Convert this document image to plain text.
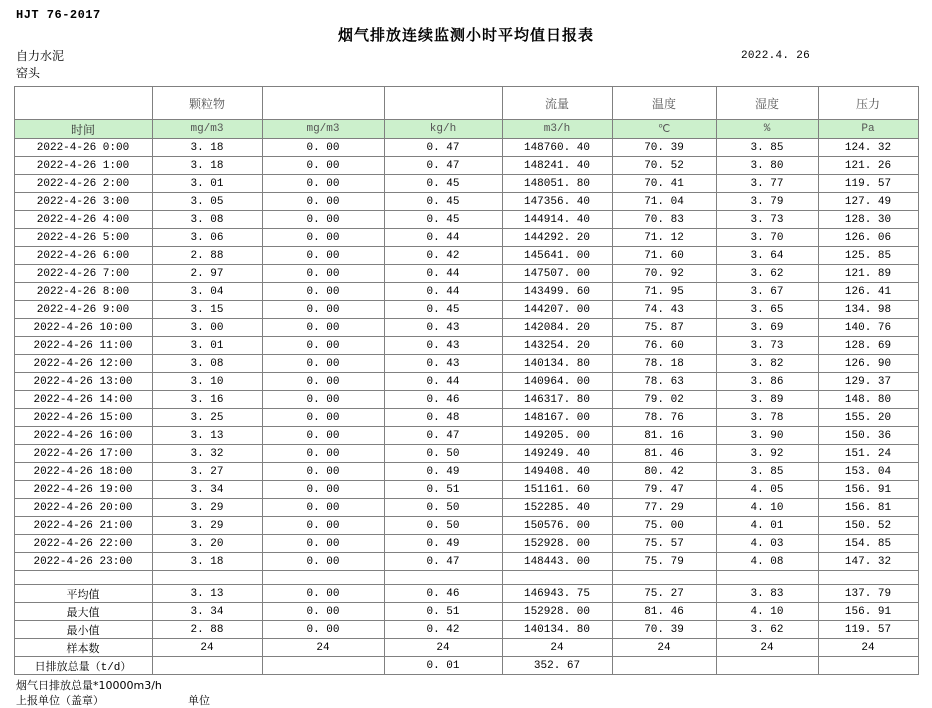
HJT 76-2017
烟气排放连续监测小时平均值日报表
自力水泥
窑头
2022.4. 26
	颗粒物			流量	温度	湿度	压力
时间	mg/m3	mg/m3	kg/h	m3/h	℃	%	Pa
2022-4-26 0:00	3. 18	0. 00	0. 47	148760. 40	70. 39	3. 85	124. 32
2022-4-26 1:00	3. 18	0. 00	0. 47	148241. 40	70. 52	3. 80	121. 26
2022-4-26 2:00	3. 01	0. 00	0. 45	148051. 80	70. 41	3. 77	119. 57
2022-4-26 3:00	3. 05	0. 00	0. 45	147356. 40	71. 04	3. 79	127. 49
2022-4-26 4:00	3. 08	0. 00	0. 45	144914. 40	70. 83	3. 73	128. 30
2022-4-26 5:00	3. 06	0. 00	0. 44	144292. 20	71. 12	3. 70	126. 06
2022-4-26 6:00	2. 88	0. 00	0. 42	145641. 00	71. 60	3. 64	125. 85
2022-4-26 7:00	2. 97	0. 00	0. 44	147507. 00	70. 92	3. 62	121. 89
2022-4-26 8:00	3. 04	0. 00	0. 44	143499. 60	71. 95	3. 67	126. 41
2022-4-26 9:00	3. 15	0. 00	0. 45	144207. 00	74. 43	3. 65	134. 98
2022-4-26 10:00	3. 00	0. 00	0. 43	142084. 20	75. 87	3. 69	140. 76
2022-4-26 11:00	3. 01	0. 00	0. 43	143254. 20	76. 60	3. 73	128. 69
2022-4-26 12:00	3. 08	0. 00	0. 43	140134. 80	78. 18	3. 82	126. 90
2022-4-26 13:00	3. 10	0. 00	0. 44	140964. 00	78. 63	3. 86	129. 37
2022-4-26 14:00	3. 16	0. 00	0. 46	146317. 80	79. 02	3. 89	148. 80
2022-4-26 15:00	3. 25	0. 00	0. 48	148167. 00	78. 76	3. 78	155. 20
2022-4-26 16:00	3. 13	0. 00	0. 47	149205. 00	81. 16	3. 90	150. 36
2022-4-26 17:00	3. 32	0. 00	0. 50	149249. 40	81. 46	3. 92	151. 24
2022-4-26 18:00	3. 27	0. 00	0. 49	149408. 40	80. 42	3. 85	153. 04
2022-4-26 19:00	3. 34	0. 00	0. 51	151161. 60	79. 47	4. 05	156. 91
2022-4-26 20:00	3. 29	0. 00	0. 50	152285. 40	77. 29	4. 10	156. 81
2022-4-26 21:00	3. 29	0. 00	0. 50	150576. 00	75. 00	4. 01	150. 52
2022-4-26 22:00	3. 20	0. 00	0. 49	152928. 00	75. 57	4. 03	154. 85
2022-4-26 23:00	3. 18	0. 00	0. 47	148443. 00	75. 79	4. 08	147. 32

平均值	3. 13	0. 00	0. 46	146943. 75	75. 27	3. 83	137. 79
最大值	3. 34	0. 00	0. 51	152928. 00	81. 46	4. 10	156. 91
最小值	2. 88	0. 00	0. 42	140134. 80	70. 39	3. 62	119. 57
样本数	24	24	24	24	24	24	24
日排放总量（t/d）			0. 01	352. 67			
烟气日排放总量*10000m3/h
上报单位（盖章）	单位
